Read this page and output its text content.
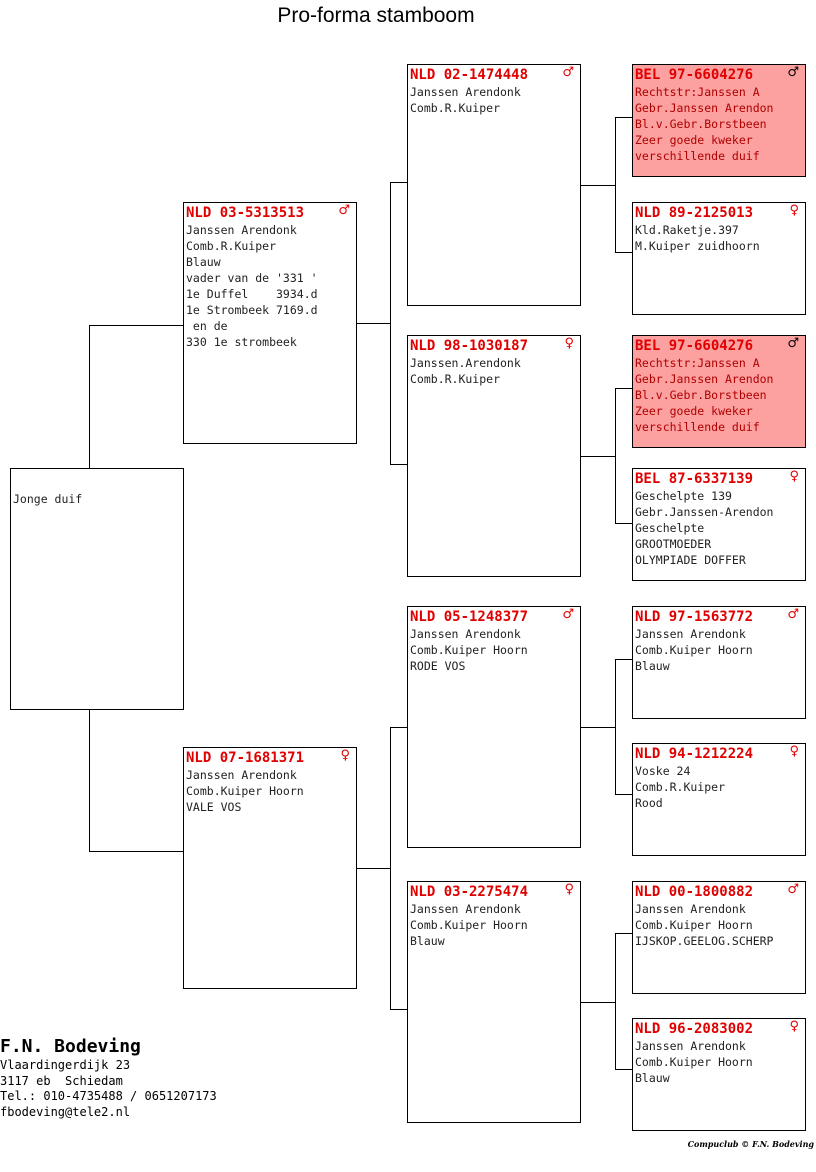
Pro-forma stamboom
Jonge duif
NLD 03-5313513	♂
Janssen Arendonk
Comb.R.Kuiper
Blauw
vader van de '331 '
1e Duffel    3934.d
1e Strombeek 7169.d
en de
330 1e strombeek
NLD 07-1681371	♀
Janssen Arendonk
Comb.Kuiper Hoorn
VALE VOS
NLD 02-1474448	♂
Janssen Arendonk
Comb.R.Kuiper
NLD 98-1030187	♀
Janssen.Arendonk
Comb.R.Kuiper
NLD 05-1248377	♂
Janssen Arendonk
Comb.Kuiper Hoorn
RODE VOS
NLD 03-2275474	♀
Janssen Arendonk
Comb.Kuiper Hoorn
Blauw
BEL 97-6604276	♂
Rechtstr:Janssen A
Gebr.Janssen Arendon
Bl.v.Gebr.Borstbeen
Zeer goede kweker
verschillende duif
NLD 89-2125013	♀
Kld.Raketje.397
M.Kuiper zuidhoorn
BEL 97-6604276	♂
Rechtstr:Janssen A
Gebr.Janssen Arendon
Bl.v.Gebr.Borstbeen
Zeer goede kweker
verschillende duif
BEL 87-6337139	♀
Geschelpte 139
Gebr.Janssen-Arendon
Geschelpte
GROOTMOEDER
OLYMPIADE DOFFER
NLD 97-1563772	♂
Janssen Arendonk
Comb.Kuiper Hoorn
Blauw
NLD 94-1212224	♀
Voske 24
Comb.R.Kuiper
Rood
NLD 00-1800882	♂
Janssen Arendonk
Comb.Kuiper Hoorn
IJSKOP.GEELOG.SCHERP
NLD 96-2083002	♀
Janssen Arendonk
Comb.Kuiper Hoorn
Blauw
F.N. Bodeving
Vlaardingerdijk 23
3117 eb  Schiedam
Tel.: 010-4735488 / 0651207173
fbodeving@tele2.nl
Compuclub © F.N. Bodeving
